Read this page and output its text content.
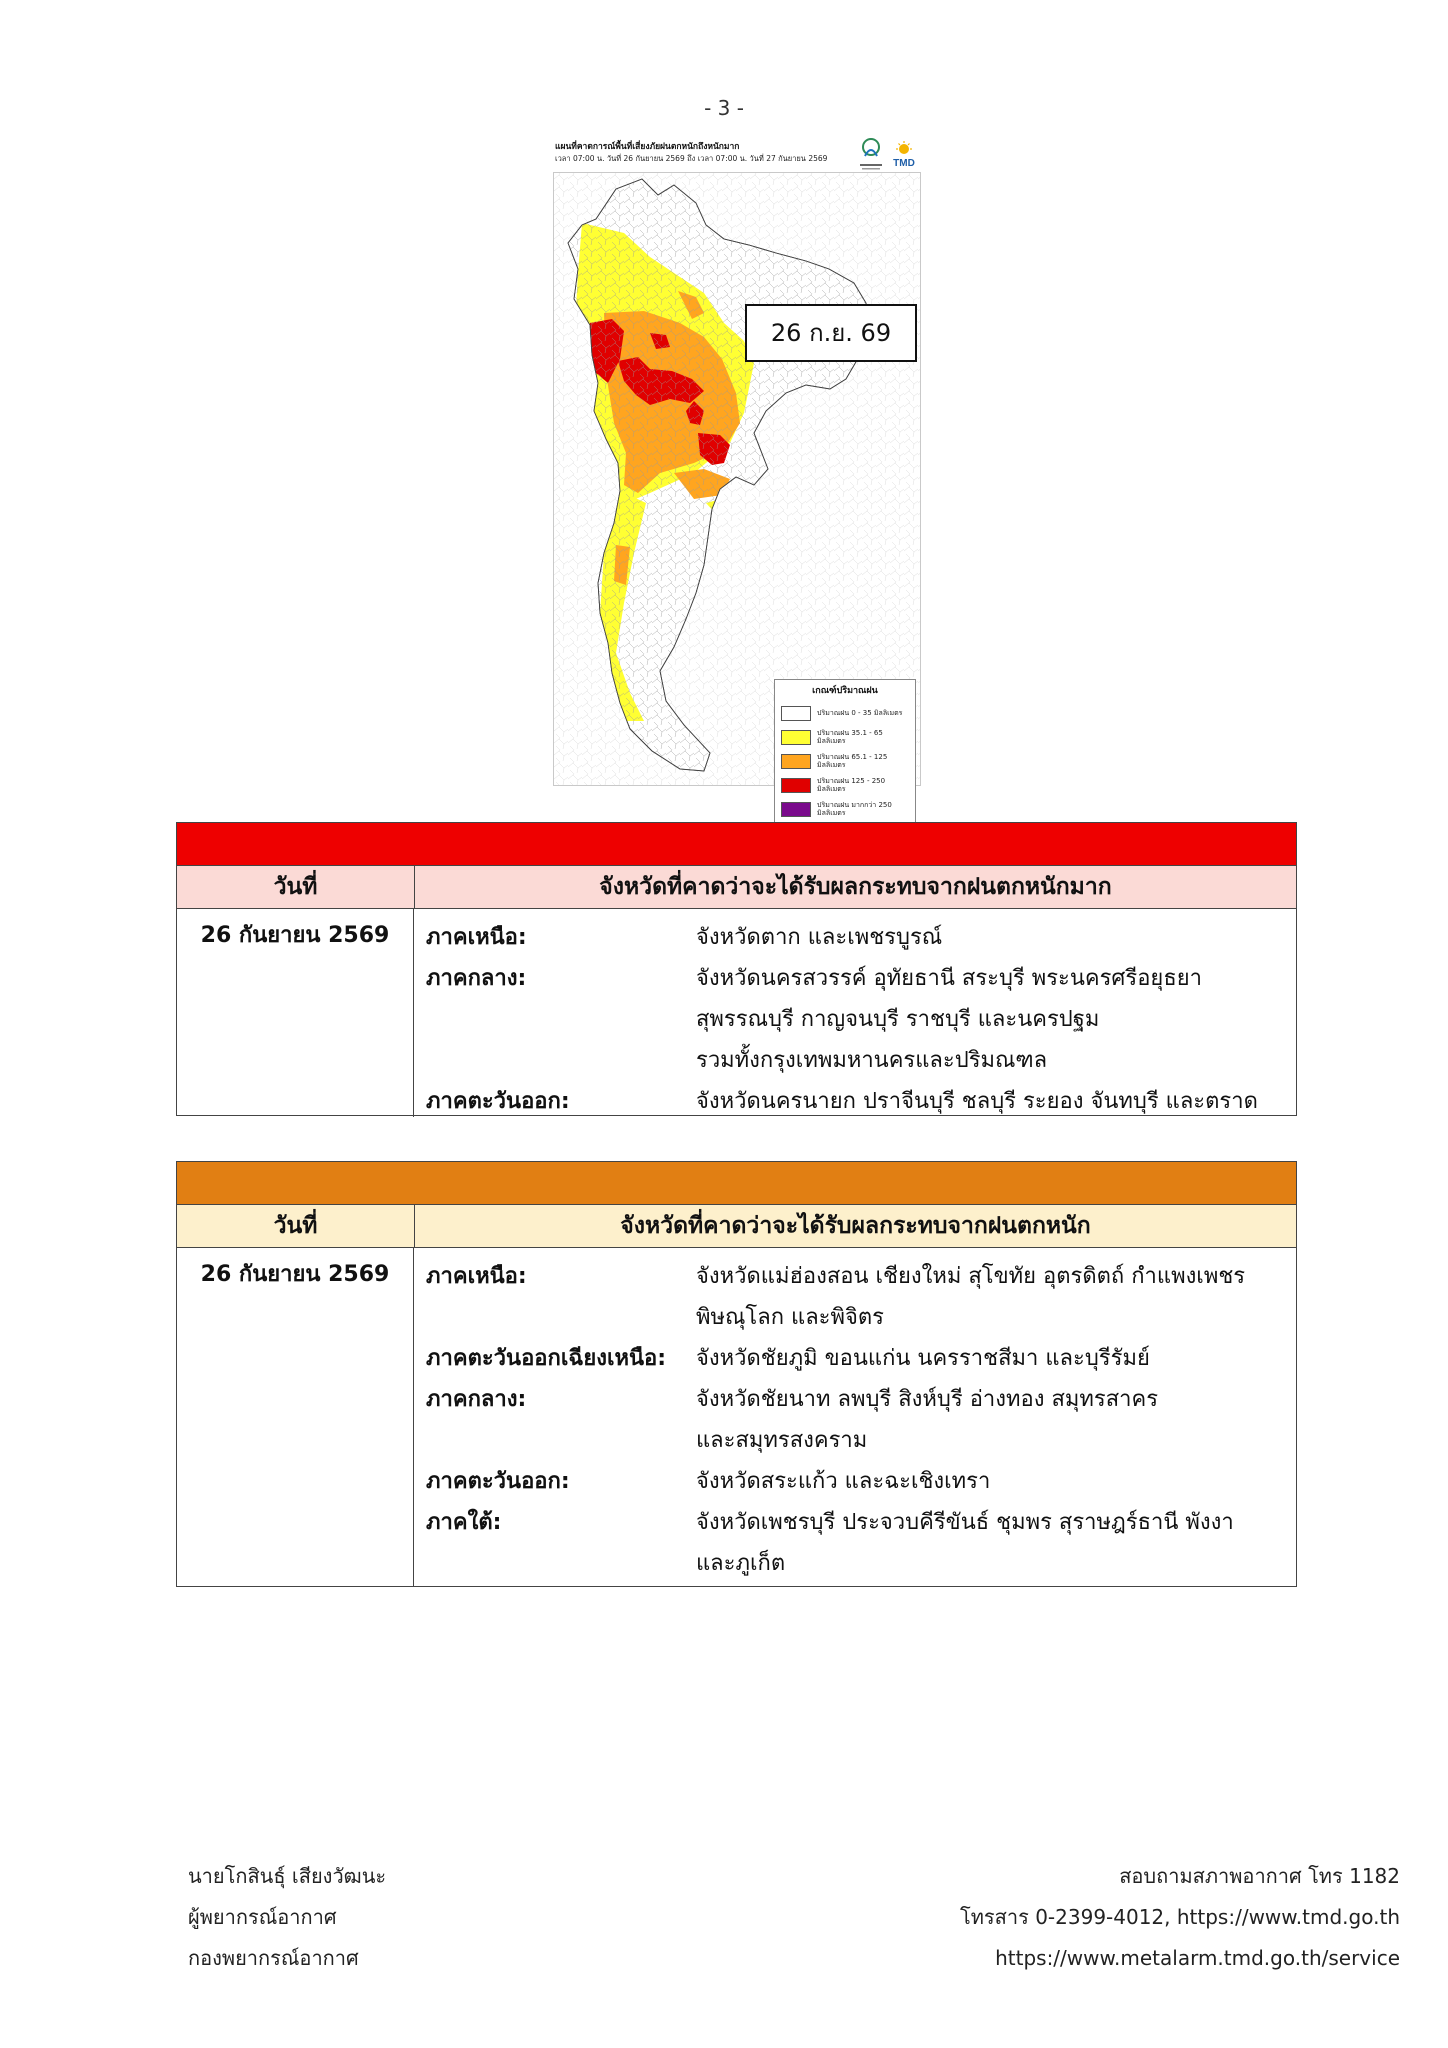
- 3 -
แผนที่คาดการณ์พื้นที่เสี่ยงภัยฝนตกหนักถึงหนักมาก
เวลา 07:00 น. วันที่ 26 กันยายน 2569 ถึง เวลา 07:00 น. วันที่ 27 กันยายน 2569	TMD
26 ก.ย. 69
เกณฑ์ปริมาณฝน
ปริมาณฝน 0 - 35 มิลลิเมตร
ปริมาณฝน 35.1 - 65 มิลลิเมตร
ปริมาณฝน 65.1 - 125 มิลลิเมตร
ปริมาณฝน 125 - 250 มิลลิเมตร
ปริมาณฝน มากกว่า 250 มิลลิเมตร
วันที่	จังหวัดที่คาดว่าจะได้รับผลกระทบจากฝนตกหนักมาก
26 กันยายน 2569	ภาคเหนือ:	จังหวัดตาก และเพชรบูรณ์
ภาคกลาง:	จังหวัดนครสวรรค์ อุทัยธานี สระบุรี พระนครศรีอยุธยา
สุพรรณบุรี กาญจนบุรี ราชบุรี และนครปฐม
รวมทั้งกรุงเทพมหานครและปริมณฑล
ภาคตะวันออก:	จังหวัดนครนายก ปราจีนบุรี ชลบุรี ระยอง จันทบุรี และตราด
วันที่	จังหวัดที่คาดว่าจะได้รับผลกระทบจากฝนตกหนัก
26 กันยายน 2569	ภาคเหนือ:	จังหวัดแม่ฮ่องสอน เชียงใหม่ สุโขทัย อุตรดิตถ์ กำแพงเพชร
พิษณุโลก และพิจิตร
ภาคตะวันออกเฉียงเหนือ:	จังหวัดชัยภูมิ ขอนแก่น นครราชสีมา และบุรีรัมย์
ภาคกลาง:	จังหวัดชัยนาท ลพบุรี สิงห์บุรี อ่างทอง สมุทรสาคร
และสมุทรสงคราม
ภาคตะวันออก:	จังหวัดสระแก้ว และฉะเชิงเทรา
ภาคใต้:	จังหวัดเพชรบุรี ประจวบคีรีขันธ์ ชุมพร สุราษฎร์ธานี พังงา
และภูเก็ต
นายโกสินธุ์ เสียงวัฒนะ
ผู้พยากรณ์อากาศ
กองพยากรณ์อากาศ
สอบถามสภาพอากาศ โทร 1182
โทรสาร 0-2399-4012, https://www.tmd.go.th
https://www.metalarm.tmd.go.th/service
